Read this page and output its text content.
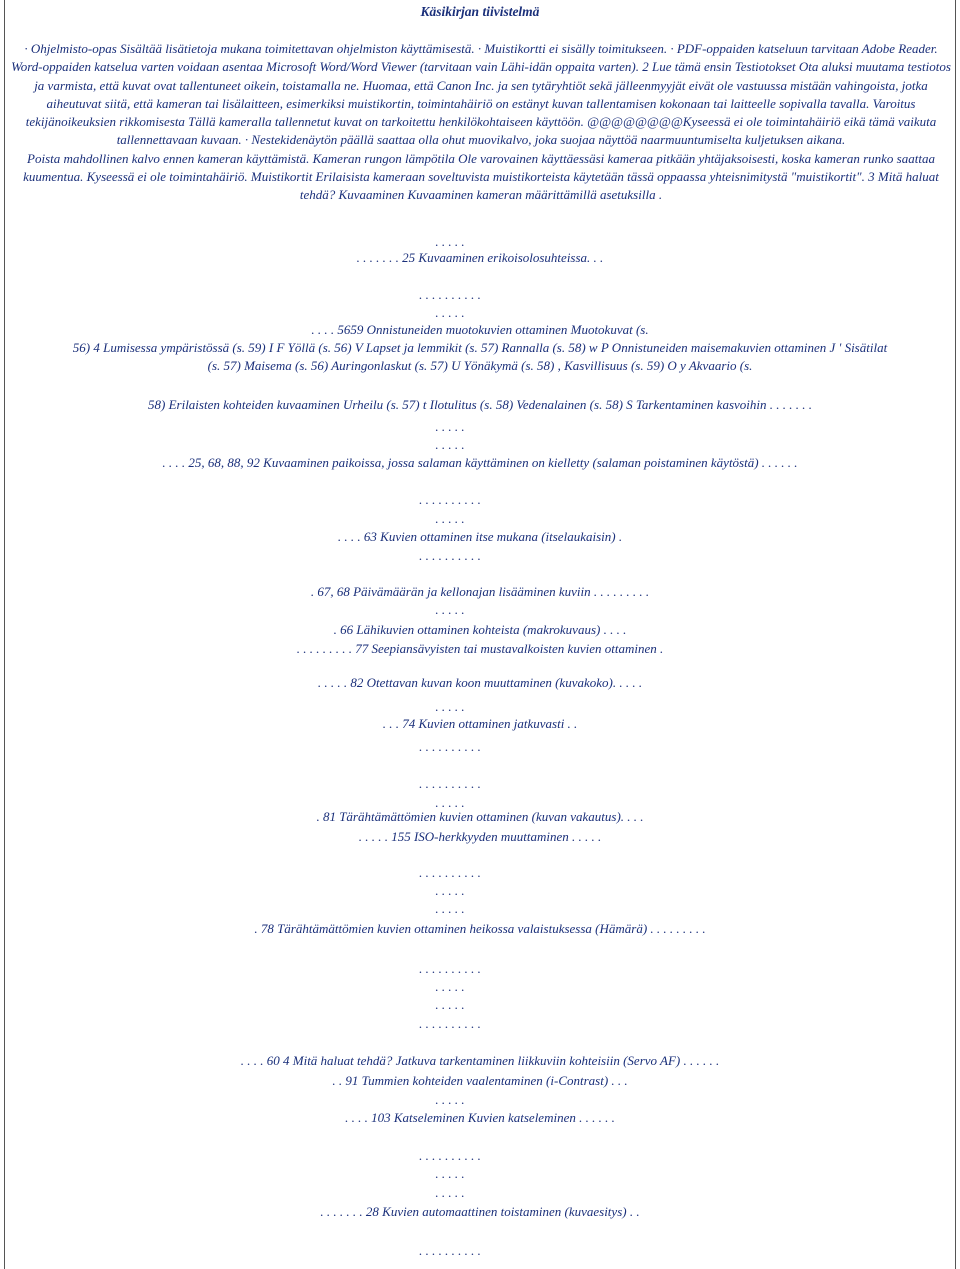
Käsikirjan tiivistelmä

· Ohjelmisto-opas Sisältää lisätietoja mukana toimitettavan ohjelmiston käyttämisestä. · Muistikortti ei sisälly toimitukseen. · PDF-oppaiden katseluun tarvitaan Adobe Reader. Word-oppaiden katselua varten voidaan asentaa Microsoft Word/Word Viewer (tarvitaan vain Lähi-idän oppaita varten). 2 Lue tämä ensin Testiotokset Ota aluksi muutama testiotos ja varmista, että kuvat ovat tallentuneet oikein, toistamalla ne. Huomaa, että Canon Inc. ja sen tytäryhtiöt sekä jälleenmyyjät eivät ole vastuussa mistään vahingoista, jotka aiheutuvat siitä, että kameran tai lisälaitteen, esimerkiksi muistikortin, toimintahäiriö on estänyt kuvan tallentamisen kokonaan tai laitteelle sopivalla tavalla. Varoitus tekijänoikeuksien rikkomisesta Tällä kameralla tallennetut kuvat on tarkoitettu henkilökohtaiseen käyttöön. @@@@@@@@Kyseessä ei ole toimintahäiriö eikä tämä vaikuta tallennettavaan kuvaan. · Nestekidenäytön päällä saattaa olla ohut muovikalvo, joka suojaa näyttöä naarmuuntumiselta kuljetuksen aikana.

Poista mahdollinen kalvo ennen kameran käyttämistä. Kameran rungon lämpötila Ole varovainen käyttäessäsi kameraa pitkään yhtäjaksoisesti, koska kameran runko saattaa kuumentua. Kyseessä ei ole toimintahäiriö. Muistikortit Erilaisista kameraan soveltuvista muistikorteista käytetään tässä oppaassa yhteisnimitystä "muistikortit". 3 Mitä haluat tehdä? Kuvaaminen Kuvaaminen kameran määrittämillä asetuksilla .

. . . . .
. . . . . . . 25 Kuvaaminen erikoisolosuhteissa. . .
. . . . . . . . . .
. . . . .
. . . . 5659 Onnistuneiden muotokuvien ottaminen Muotokuvat (s.
56) 4 Lumisessa ympäristössä (s. 59) I F Yöllä (s. 56) V Lapset ja lemmikit (s. 57) Rannalla (s. 58) w P Onnistuneiden maisemakuvien ottaminen J ' Sisätilat
(s. 57) Maisema (s. 56) Auringonlaskut (s. 57) U Yönäkymä (s. 58) , Kasvillisuus (s. 59) O y Akvaario (s.
58) Erilaisten kohteiden kuvaaminen Urheilu (s. 57) t Ilotulitus (s. 58) Vedenalainen (s. 58) S Tarkentaminen kasvoihin . . . . . . .
. . . . .
. . . . .
. . . . 25, 68, 88, 92 Kuvaaminen paikoissa, jossa salaman käyttäminen on kielletty (salaman poistaminen käytöstä) . . . . . .
. . . . . . . . . .
. . . . .
. . . . 63 Kuvien ottaminen itse mukana (itselaukaisin) .
. . . . . . . . . .
. 67, 68 Päivämäärän ja kellonajan lisääminen kuviin . . . . . . . . .
. . . . .
. 66 Lähikuvien ottaminen kohteista (makrokuvaus) . . . .
. . . . . . . . . 77 Seepiansävyisten tai mustavalkoisten kuvien ottaminen .
. . . . . 82 Otettavan kuvan koon muuttaminen (kuvakoko). . . . .
. . . . .
. . . 74 Kuvien ottaminen jatkuvasti . .
. . . . . . . . . .
. . . . . . . . . .
. . . . .
. 81 Tärähtämättömien kuvien ottaminen (kuvan vakautus). . . .
. . . . . 155 ISO-herkkyyden muuttaminen . . . . .
. . . . . . . . . .
. . . . .
. . . . .
. 78 Tärähtämättömien kuvien ottaminen heikossa valaistuksessa (Hämärä) . . . . . . . . .
. . . . . . . . . .
. . . . .
. . . . .
. . . . . . . . . .
. . . . 60 4 Mitä haluat tehdä? Jatkuva tarkentaminen liikkuviin kohteisiin (Servo AF) . . . . . .
. . 91 Tummien kohteiden vaalentaminen (i-Contrast) . . .
. . . . .
. . . . 103 Katseleminen Kuvien katseleminen . . . . . .
. . . . . . . . . .
. . . . .
. . . . .
. . . . . . . 28 Kuvien automaattinen toistaminen (kuvaesitys) . .
. . . . . . . . . .
